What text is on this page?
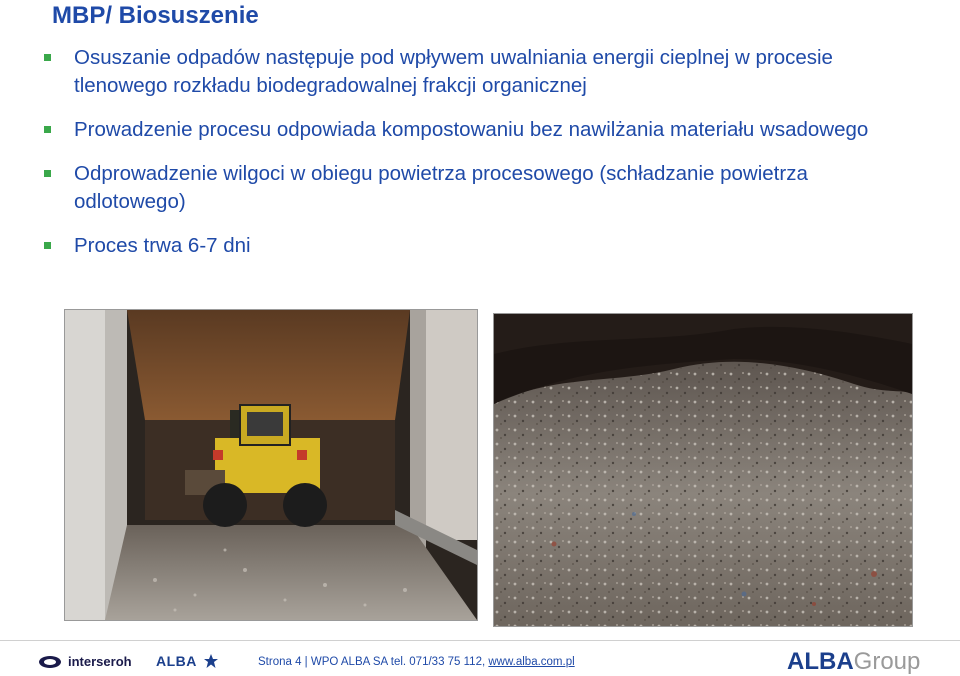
MBP/ Biosuszenie
Osuszanie odpadów następuje pod wpływem uwalniania energii cieplnej w procesie tlenowego rozkładu biodegradowalnej frakcji organicznej
Prowadzenie procesu odpowiada kompostowaniu bez nawilżania materiału wsadowego
Odprowadzenie wilgoci w obiegu powietrza procesowego (schładzanie powietrza odlotowego)
Proces trwa 6-7 dni
interseroh ALBA	Strona 4 | WPO ALBA SA tel. 071/33 75 112, www.alba.com.pl	ALBAGroup
